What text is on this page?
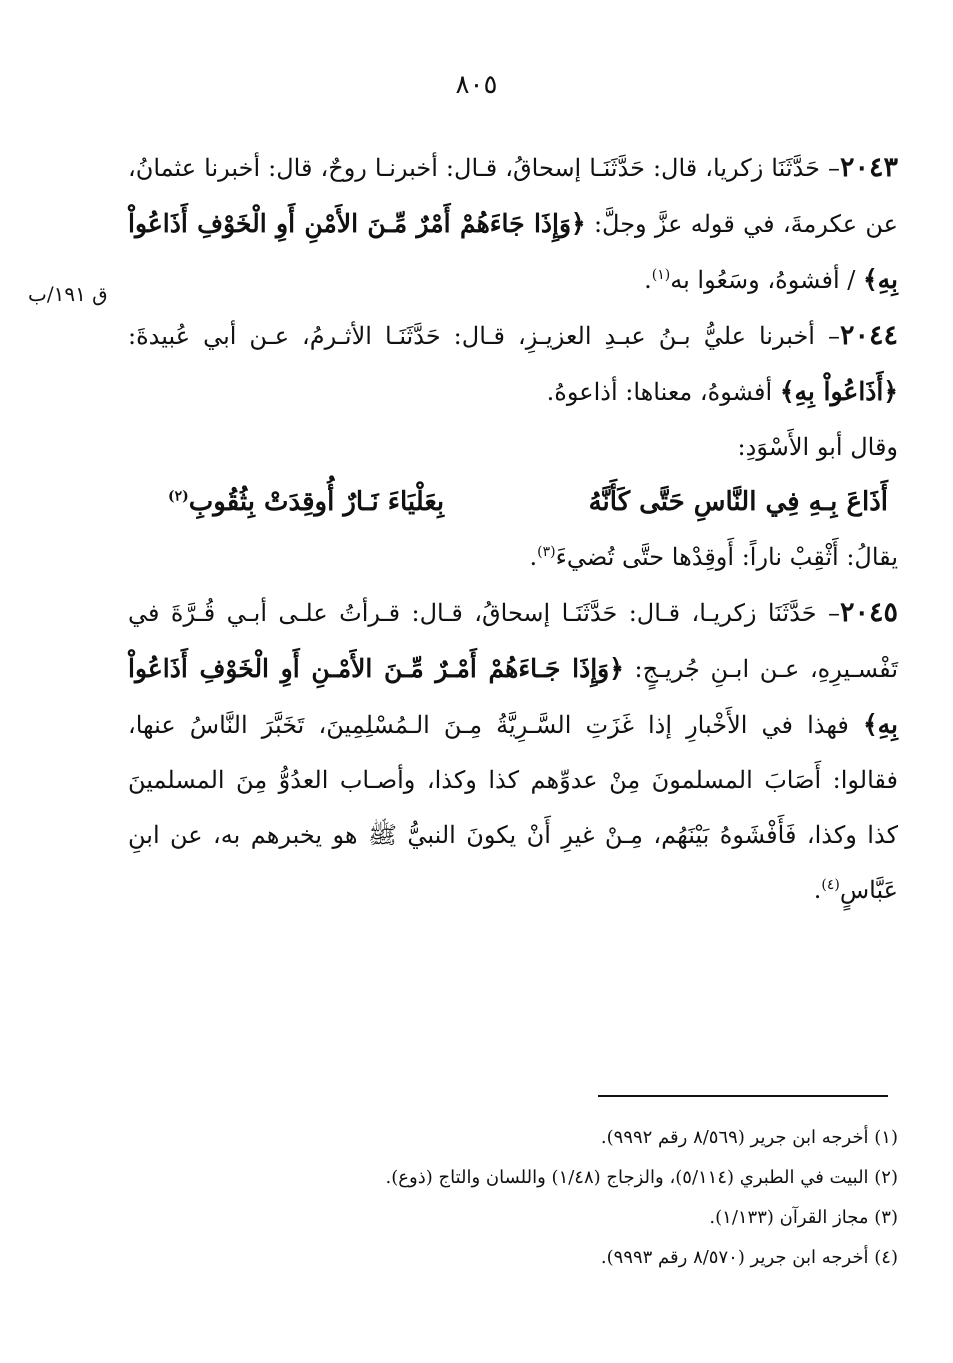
٨٠٥
ق ١٩١/ب

٢٠٤٣– حَدَّثَنَا زكريا، قال: حَدَّثَنَـا إسحاقُ، قـال: أخبرنـا روحٌ، قال: أخبرنا عثمانُ، عن عكرمةَ، في قوله عزَّ وجلَّ: ﴿وَإِذَا جَاءَهُمْ أَمْرٌ مِّـنَ الأَمْنِ أَوِ الْخَوْفِ أَذَاعُواْ بِهِ﴾ / أفشوهُ، وسَعُوا به$^{(١)}$.

٢٠٤٤– أخبرنا عليُّ بـنُ عبـدِ العزيـزِ، قـال: حَدَّثَنَـا الأثـرمُ، عـن أبي عُبيدةَ: ﴿أَذَاعُواْ بِهِ﴾ أفشوهُ، معناها: أذاعوهُ.

وقال أبو الأَسْوَدِ:

أَذَاعَ بِـهِ فِي النَّاسِ حَتَّى كَأَنَّهُ
بِعَلْيَاءَ نَـارٌ أُوقِدَتْ بِثُقُوبِ$^{(٢)}$

يقالُ: أَثْقِبْ ناراً: أَوقِدْها حتَّى تُضيءَ$^{(٣)}$.

٢٠٤٥– حَدَّثَنَا زكريـا، قـال: حَدَّثَنَـا إسحاقُ، قـال: قـرأتُ علـى أبـي قُـرَّةَ في تَفْسـيرِهِ، عـن ابـنِ جُريـجٍ: ﴿وَإِذَا جَـاءَهُمْ أَمْـرٌ مِّـنَ الأَمْـنِ أَوِ الْخَوْفِ أَذَاعُواْ بِهِ﴾ فهذا في الأَخْبارِ إذا غَزَتِ السَّـرِيَّةُ مِـنَ الـمُسْلِمِينَ، تَخَبَّرَ النَّاسُ عنها، فقالوا: أَصَابَ المسلمونَ مِنْ عدوِّهم كذا وكذا، وأصـاب العدُوُّ مِنَ المسلمينَ كذا وكذا، فَأَفْشَوهُ بَيْنَهُم، مِـنْ غيرِ أَنْ يكونَ النبيُّ ﷺ هو يخبرهم به، عن ابنِ عَبَّاسٍ$^{(٤)}$.

(١) أخرجه ابن جرير (٨/٥٦٩ رقم ٩٩٩٢).

(٢) البيت في الطبري (٥/١١٤)، والزجاج (١/٤٨) واللسان والتاج (ذوع).

(٣) مجاز القرآن (١/١٣٣).

(٤) أخرجه ابن جرير (٨/٥٧٠ رقم ٩٩٩٣).
